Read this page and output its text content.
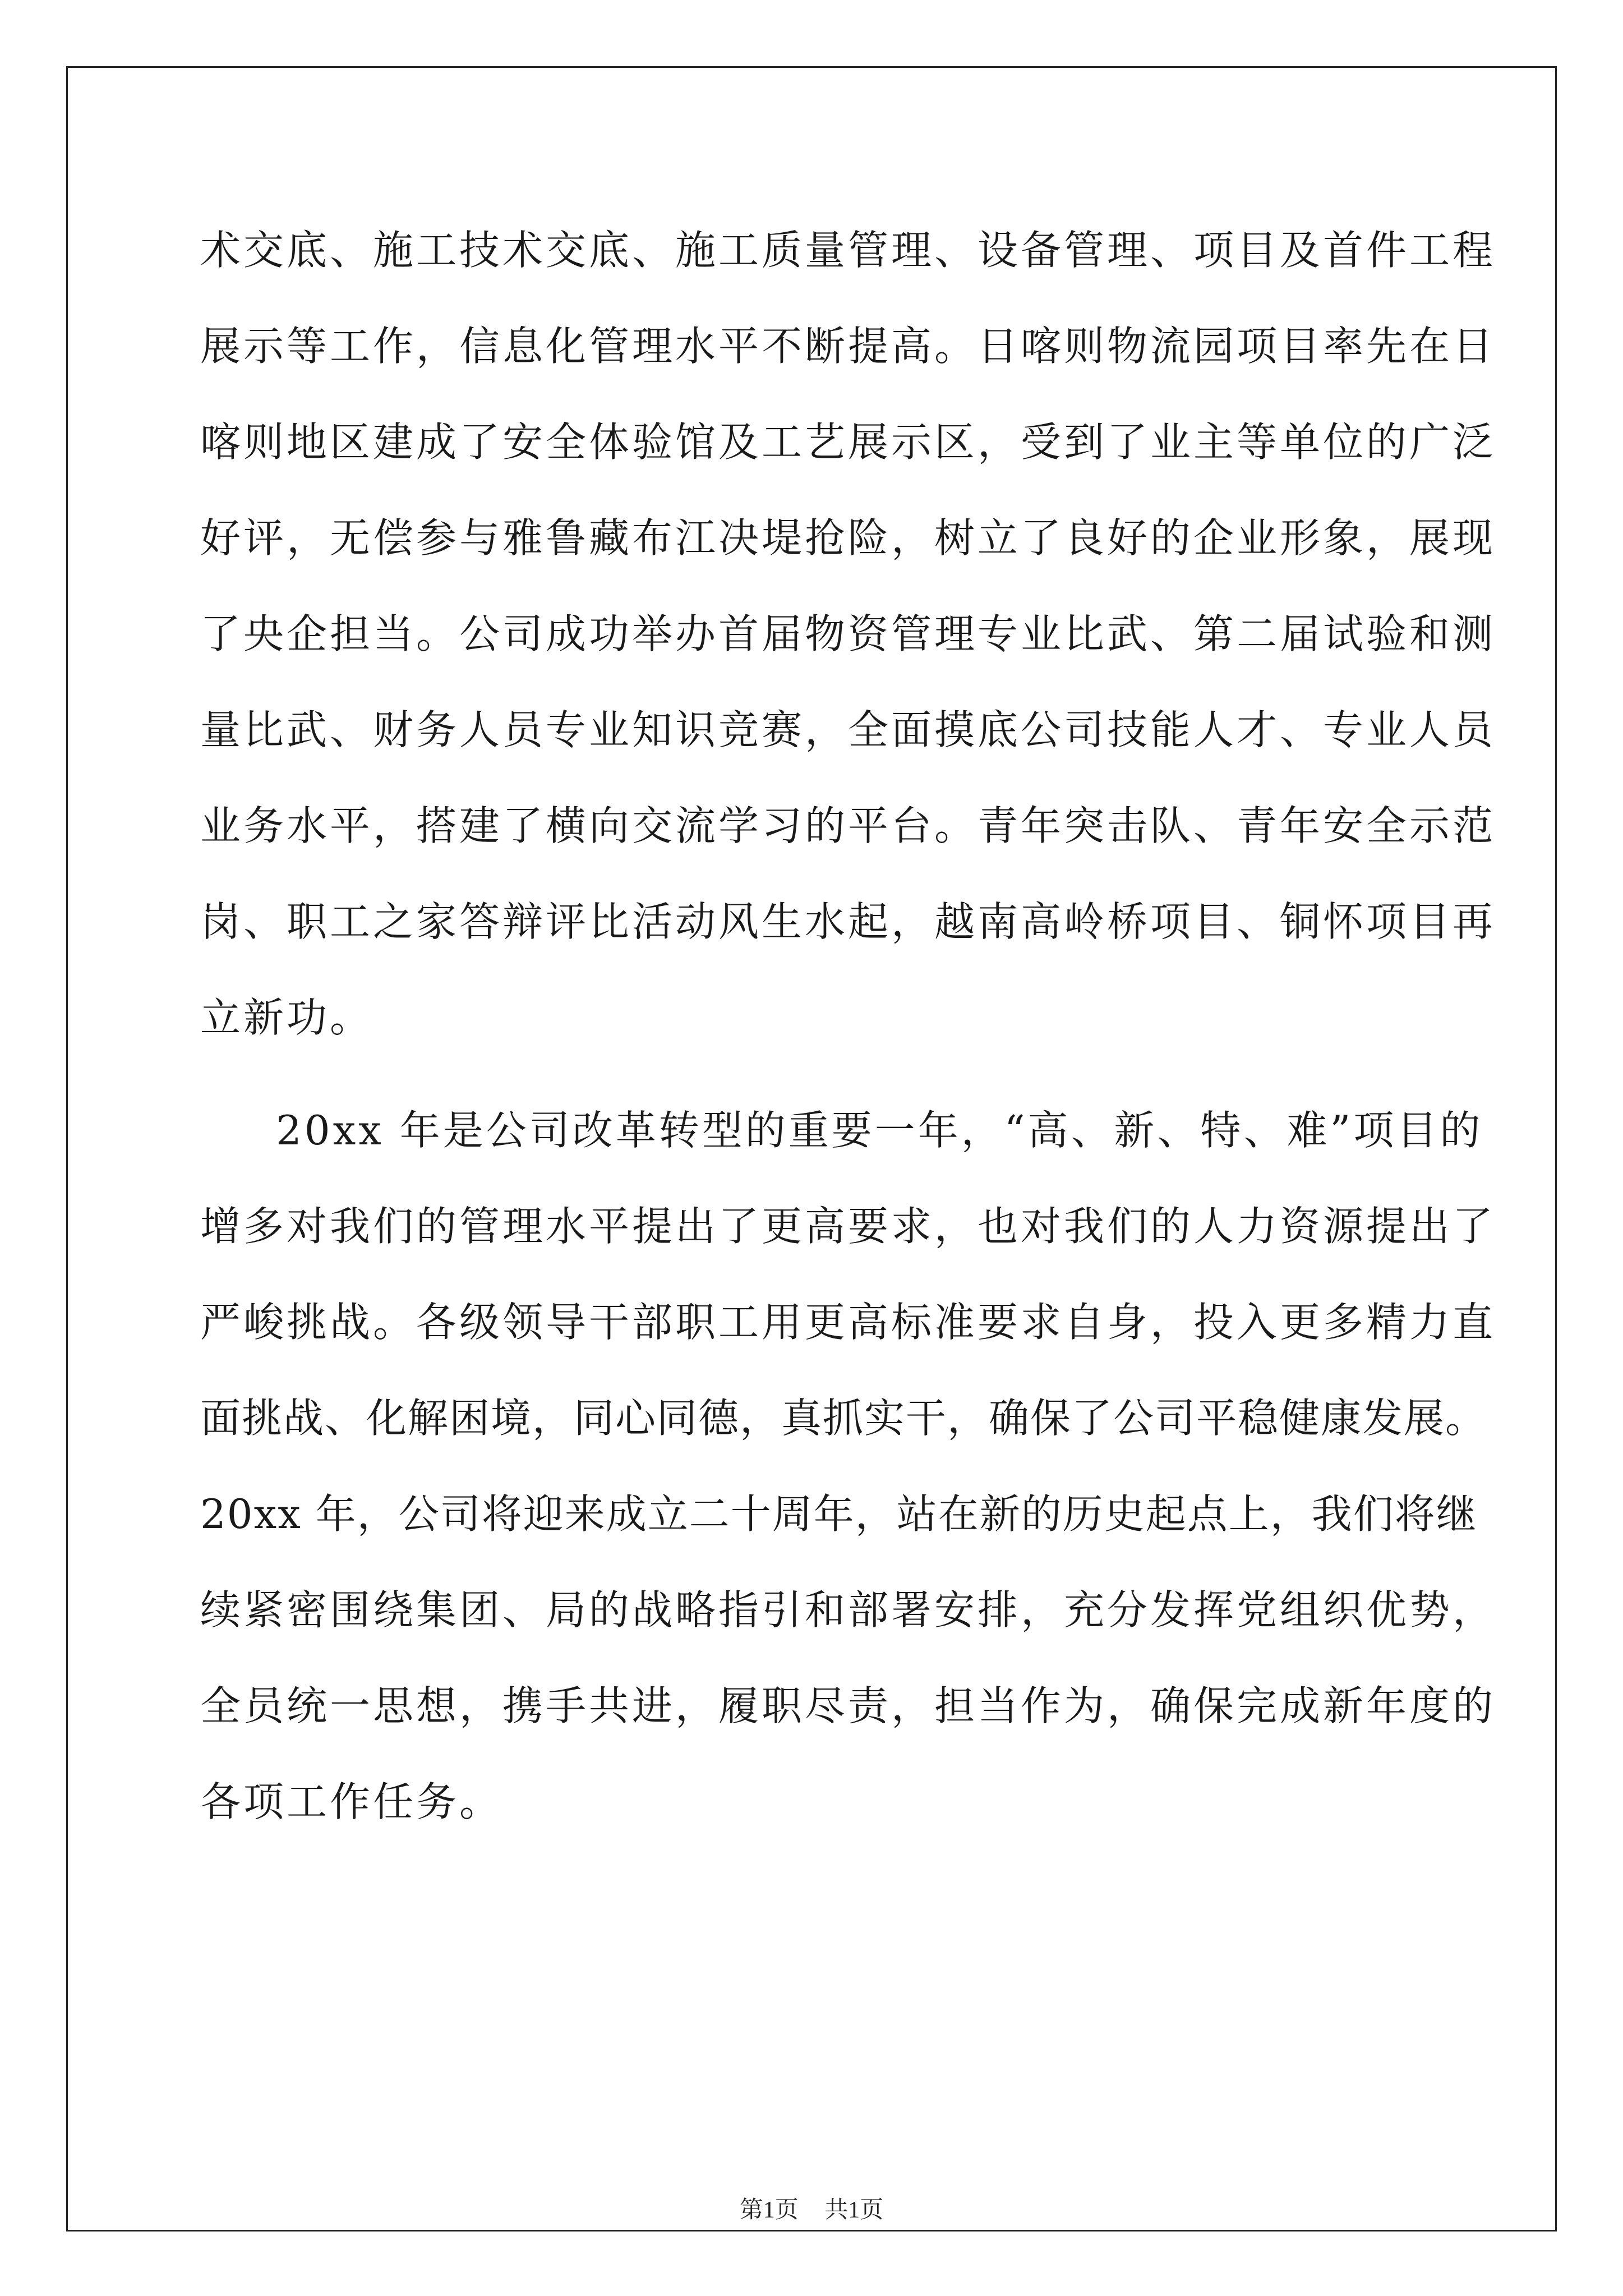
术交底、施工技术交底、施工质量管理、设备管理、项目及首件工程
展示等工作，信息化管理水平不断提高。日喀则物流园项目率先在日
喀则地区建成了安全体验馆及工艺展示区，受到了业主等单位的广泛
好评，无偿参与雅鲁藏布江决堤抢险，树立了良好的企业形象，展现
了央企担当。公司成功举办首届物资管理专业比武、第二届试验和测
量比武、财务人员专业知识竞赛，全面摸底公司技能人才、专业人员
业务水平，搭建了横向交流学习的平台。青年突击队、青年安全示范
岗、职工之家答辩评比活动风生水起，越南高岭桥项目、铜怀项目再
立新功。
20xx 年是公司改革转型的重要一年，“高、新、特、难”项目的
增多对我们的管理水平提出了更高要求，也对我们的人力资源提出了
严峻挑战。各级领导干部职工用更高标准要求自身，投入更多精力直
面挑战、化解困境，同心同德，真抓实干，确保了公司平稳健康发展。
20xx 年，公司将迎来成立二十周年，站在新的历史起点上，我们将继
续紧密围绕集团、局的战略指引和部署安排，充分发挥党组织优势，
全员统一思想，携手共进，履职尽责，担当作为，确保完成新年度的
各项工作任务。
第1页 共1页
